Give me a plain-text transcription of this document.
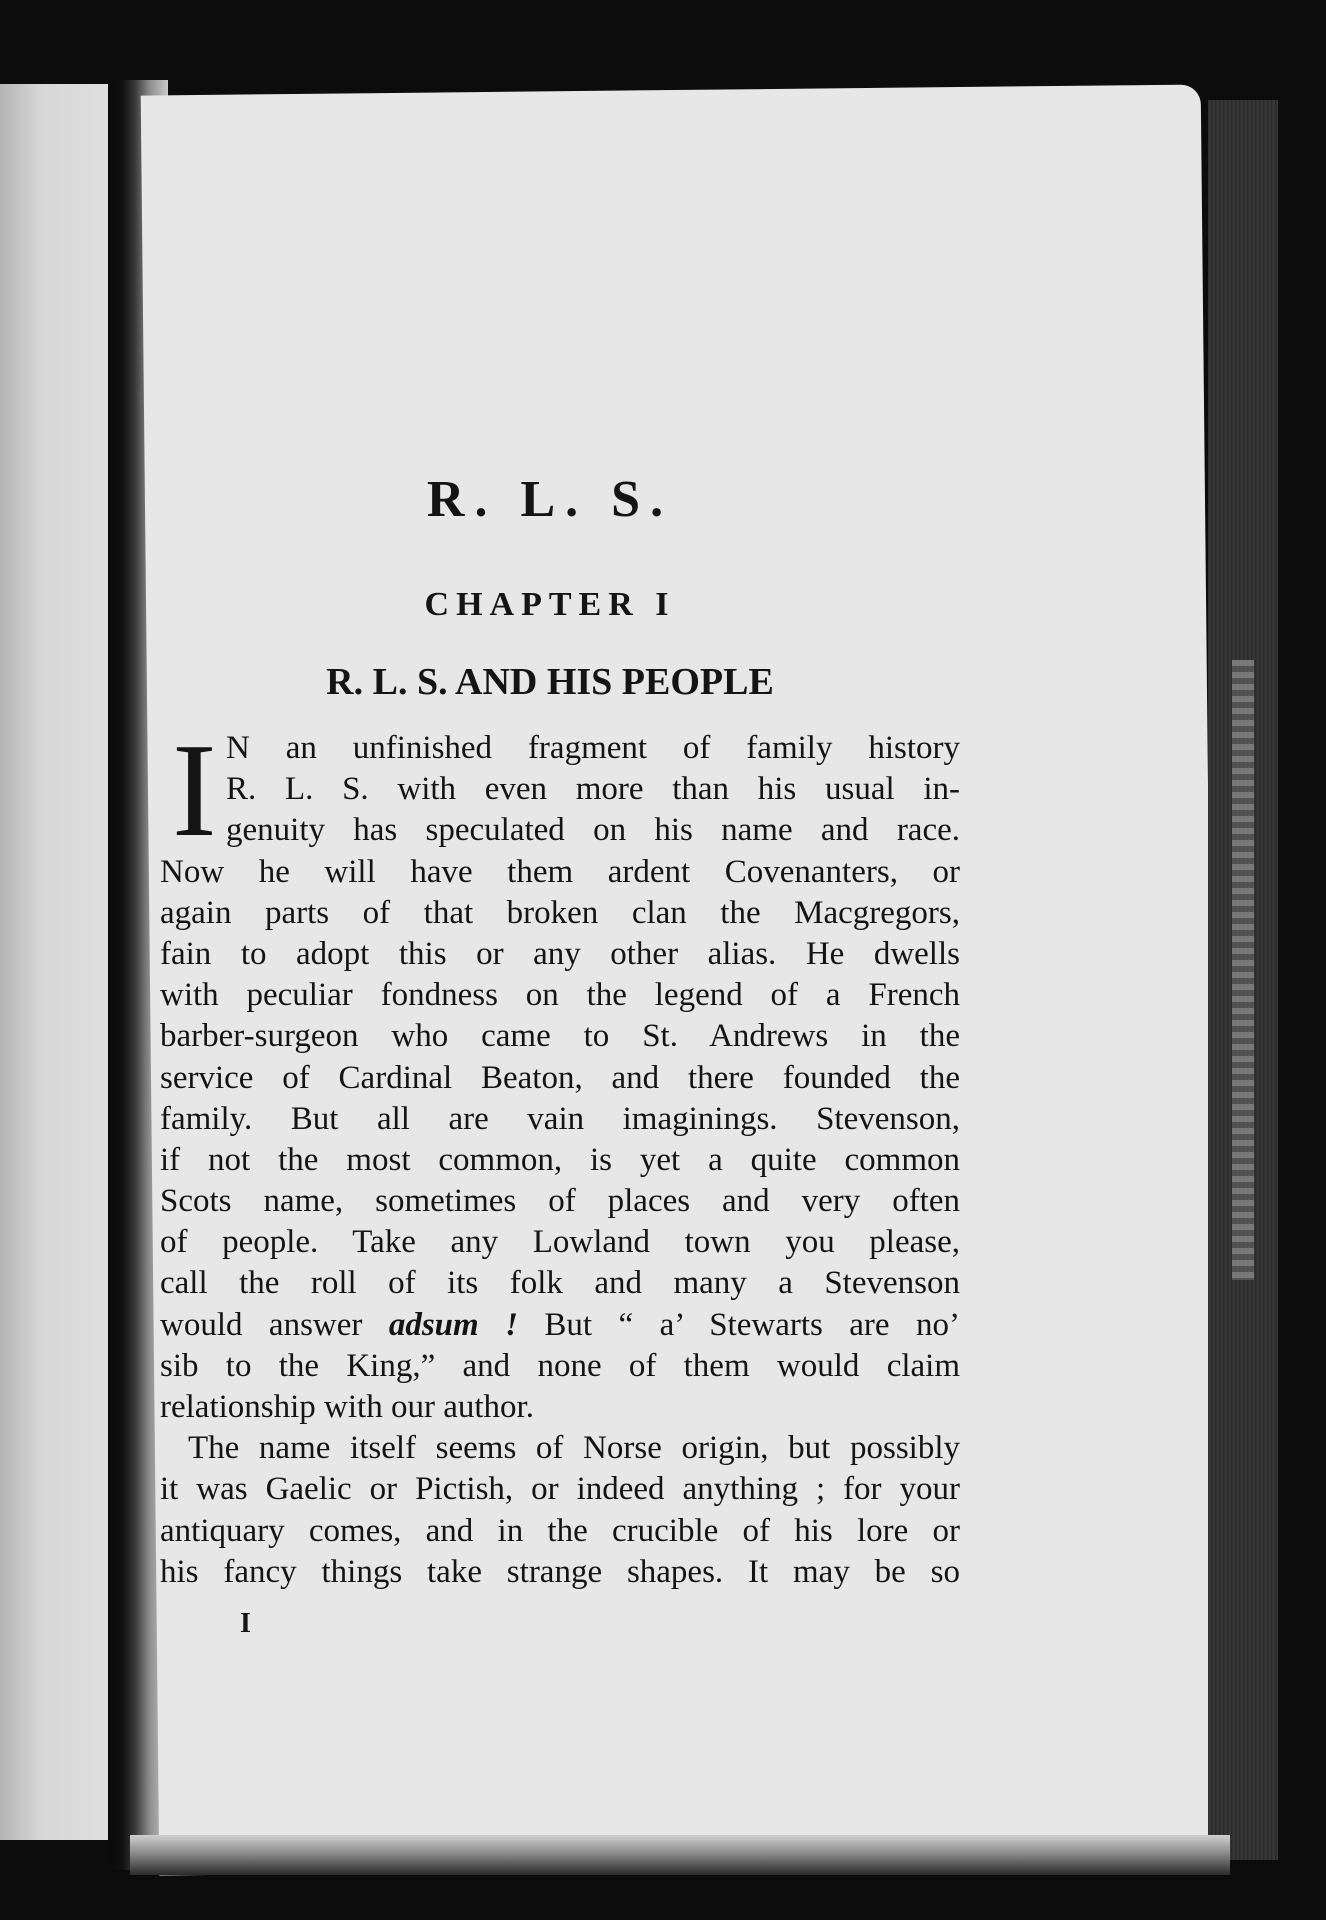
R. L. S.
CHAPTER I
R. L. S. AND HIS PEOPLE
I N an unfinished fragment of family history
R. L. S. with even more than his usual in-
genuity has speculated on his name and race.
Now he will have them ardent Covenanters, or
again parts of that broken clan the Macgregors,
fain to adopt this or any other alias. He dwells
with peculiar fondness on the legend of a French
barber-surgeon who came to St. Andrews in the
service of Cardinal Beaton, and there founded the
family. But all are vain imaginings. Stevenson,
if not the most common, is yet a quite common
Scots name, sometimes of places and very often
of people. Take any Lowland town you please,
call the roll of its folk and many a Stevenson
would answer adsum ! But “ a’ Stewarts are no’
sib to the King,” and none of them would claim
relationship with our author.
The name itself seems of Norse origin, but possibly
it was Gaelic or Pictish, or indeed anything ; for your
antiquary comes, and in the crucible of his lore or
his fancy things take strange shapes. It may be so

I
